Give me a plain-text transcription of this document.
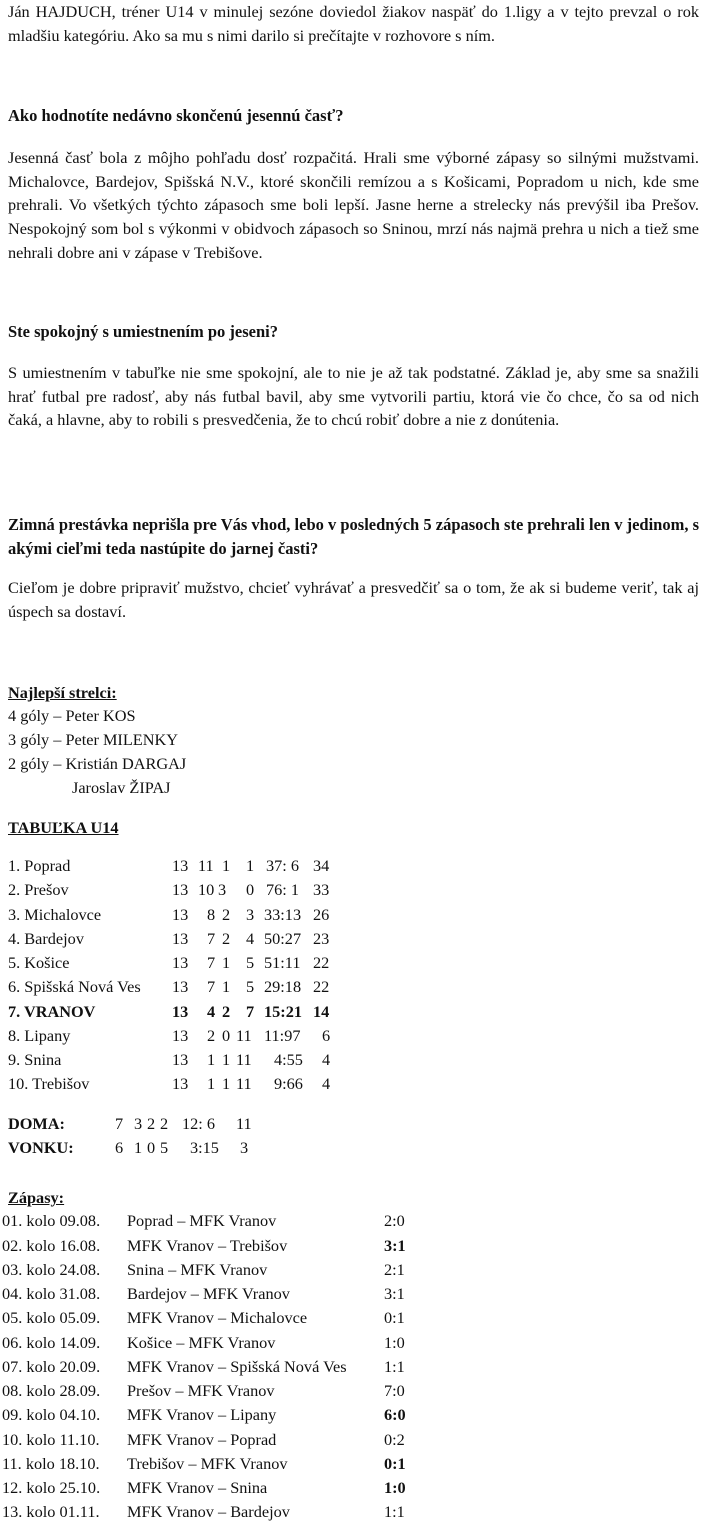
Ján HAJDUCH, tréner U14 v minulej sezóne doviedol žiakov naspäť do 1.ligy a v tejto prevzal o rok mladšiu kategóriu. Ako sa mu s nimi darilo si prečítajte v rozhovore s ním.
Ako hodnotíte nedávno skončenú jesennú časť?
Jesenná časť bola z môjho pohľadu dosť rozpačitá. Hrali sme výborné zápasy so silnými mužstvami. Michalovce, Bardejov, Spišská N.V., ktoré skončili remízou a s Košicami, Popradom u nich, kde sme prehrali. Vo všetkých týchto zápasoch sme boli lepší. Jasne herne a strelecky nás prevýšil iba Prešov. Nespokojný som bol s výkonmi v obidvoch zápasoch so Sninou, mrzí nás najmä prehra u nich a tiež sme nehrali dobre ani v zápase v Trebišove.
Ste spokojný s umiestnením po jeseni?
S umiestnením v tabuľke nie sme spokojní, ale to nie je až tak podstatné. Základ je, aby sme sa snažili hrať futbal pre radosť, aby nás futbal bavil, aby sme vytvorili partiu, ktorá vie čo chce, čo sa od nich čaká, a hlavne, aby to robili s presvedčenia, že to chcú robiť dobre a nie z donútenia.
Zimná prestávka neprišla pre Vás vhod, lebo v posledných 5 zápasoch ste prehrali len v jedinom, s akými cieľmi teda nastúpite do jarnej časti?
Cieľom je dobre pripraviť mužstvo, chcieť vyhrávať a presvedčiť sa o tom, že ak si budeme veriť, tak aj úspech sa dostaví.
Najlepší strelci:
4 góly – Peter KOS
3 góly – Peter MILENKY
2 góly – Kristián DARGAJ
Jaroslav ŽIPAJ
TABUĽKA U14
1. Poprad	13 11 1 1 37: 6 34
2. Prešov	13 10 3 0 76: 1 33
3. Michalovce	13 8 2 3 33:13 26
4. Bardejov	13 7 2 4 50:27 23
5. Košice	13 7 1 5 51:11 22
6. Spišská Nová Ves 13 7 1 5 29:18 22
7. VRANOV	13 4 2 7 15:21 14
8. Lipany	13 2 0 11 11:97 6
9. Snina	13 1 1 11 4:55 4
10. Trebišov	13 1 1 11 9:66 4
DOMA:	7 3 2 2 12: 6 11
VONKU:	6 1 0 5 3:15 3
Zápasy:
01. kolo 09.08. Poprad – MFK Vranov	2:0
02. kolo 16.08. MFK Vranov – Trebišov	3:1
03. kolo 24.08. Snina – MFK Vranov	2:1
04. kolo 31.08. Bardejov – MFK Vranov	3:1
05. kolo 05.09. MFK Vranov – Michalovce	0:1
06. kolo 14.09. Košice – MFK Vranov	1:0
07. kolo 20.09. MFK Vranov – Spišská Nová Ves 1:1
08. kolo 28.09. Prešov – MFK Vranov	7:0
09. kolo 04.10. MFK Vranov – Lipany	6:0
10. kolo 11.10. MFK Vranov – Poprad	0:2
11. kolo 18.10. Trebišov – MFK Vranov	0:1
12. kolo 25.10. MFK Vranov – Snina	1:0
13. kolo 01.11. MFK Vranov – Bardejov	1:1
